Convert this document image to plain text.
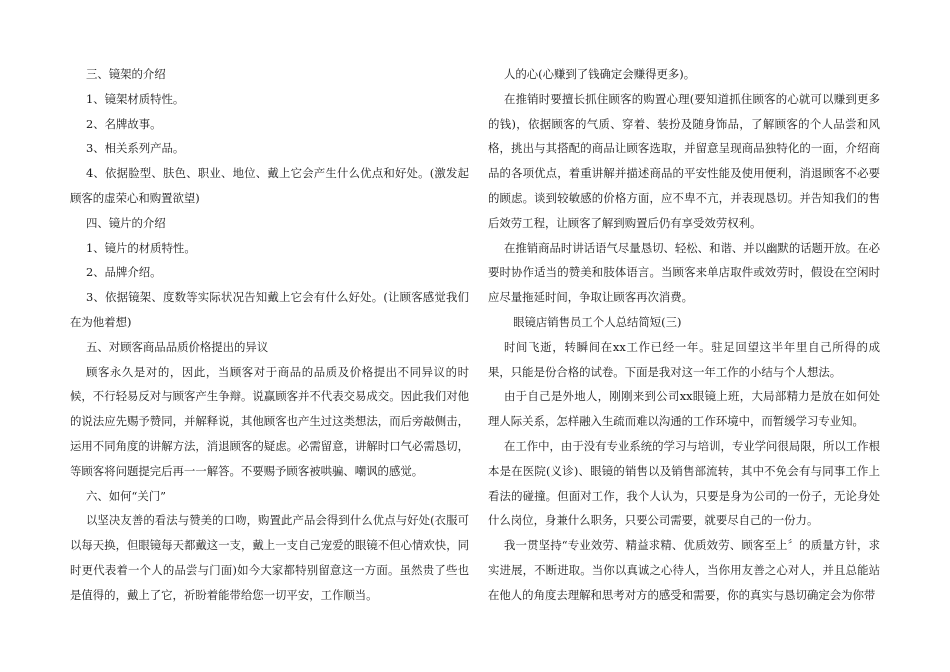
三、镜架的介绍

1、镜架材质特性。

2、名牌故事。

3、相关系列产品。

4、依据脸型、肤色、职业、地位、戴上它会产生什么优点和好处。(激发起顾客的虚荣心和购置欲望)

四、镜片的介绍

1、镜片的材质特性。

2、品牌介绍。

3、依据镜架、度数等实际状况告知戴上它会有什么好处。(让顾客感觉我们在为他着想)

五、对顾客商品品质价格提出的异议

顾客永久是对的，因此，当顾客对于商品的品质及价格提出不同异议的时候，不行轻易反对与顾客产生争辩。说赢顾客并不代表交易成交。因此我们对他的说法应先赐予赞同，并解释说，其他顾客也产生过这类想法，而后旁敲侧击，运用不同角度的讲解方法，消退顾客的疑虑。必需留意，讲解时口气必需恳切，等顾客将问题提完后再一一解答。不要赐予顾客被哄骗、嘲讽的感觉。

六、如何“关门”

以坚决友善的看法与赞美的口吻，购置此产品会得到什么优点与好处(衣服可以每天换，但眼镜每天都戴这一支，戴上一支自己宠爱的眼镜不但心情欢快，同时更代表着一个人的品尝与门面)如今大家都特别留意这一方面。虽然贵了些也是值得的，戴上了它，祈盼着能带给您一切平安，工作顺当。

人的心(心赚到了钱确定会赚得更多)。

在推销时要擅长抓住顾客的购置心理(要知道抓住顾客的心就可以赚到更多的钱)，依据顾客的气质、穿着、装扮及随身饰品，了解顾客的个人品尝和风格，挑出与其搭配的商品让顾客选取，并留意呈现商品独特化的一面，介绍商品的各项优点，着重讲解并描述商品的平安性能及使用便利，消退顾客不必要的顾虑。谈到较敏感的价格方面，应不卑不亢，并表现恳切。并告知我们的售后效劳工程，让顾客了解到购置后仍有享受效劳权利。

在推销商品时讲话语气尽量恳切、轻松、和谐、并以幽默的话题开放。在必要时协作适当的赞美和肢体语言。当顾客来单店取件或效劳时，假设在空闲时应尽量拖延时间，争取让顾客再次消费。

眼镜店销售员工个人总结简短(三)

时间飞逝，转瞬间在xx工作已经一年。驻足回望这半年里自己所得的成果，只能是份合格的试卷。下面是我对这一年工作的小结与个人想法。

由于自己是外地人，刚刚来到公司xx眼镜上班，大局部精力是放在如何处理人际关系，怎样融入生疏而难以沟通的工作环境中，而暂缓学习专业知。

在工作中，由于没有专业系统的学习与培训，专业学问很局限，所以工作根本是在医院(义诊)、眼镜的销售以及销售部流转，其中不免会有与同事工作上看法的碰撞。但面对工作，我个人认为，只要是身为公司的一份子，无论身处什么岗位，身兼什么职务，只要公司需要，就要尽自己的一份力。

我一贯坚持“专业效劳、精益求精、优质效劳、顾客至上〞的质量方针，求实进展，不断进取。当你以真诚之心待人，当你用友善之心对人，并且总能站在他人的角度去理解和思考对方的感受和需要，你的真实与恳切确定会为你带
